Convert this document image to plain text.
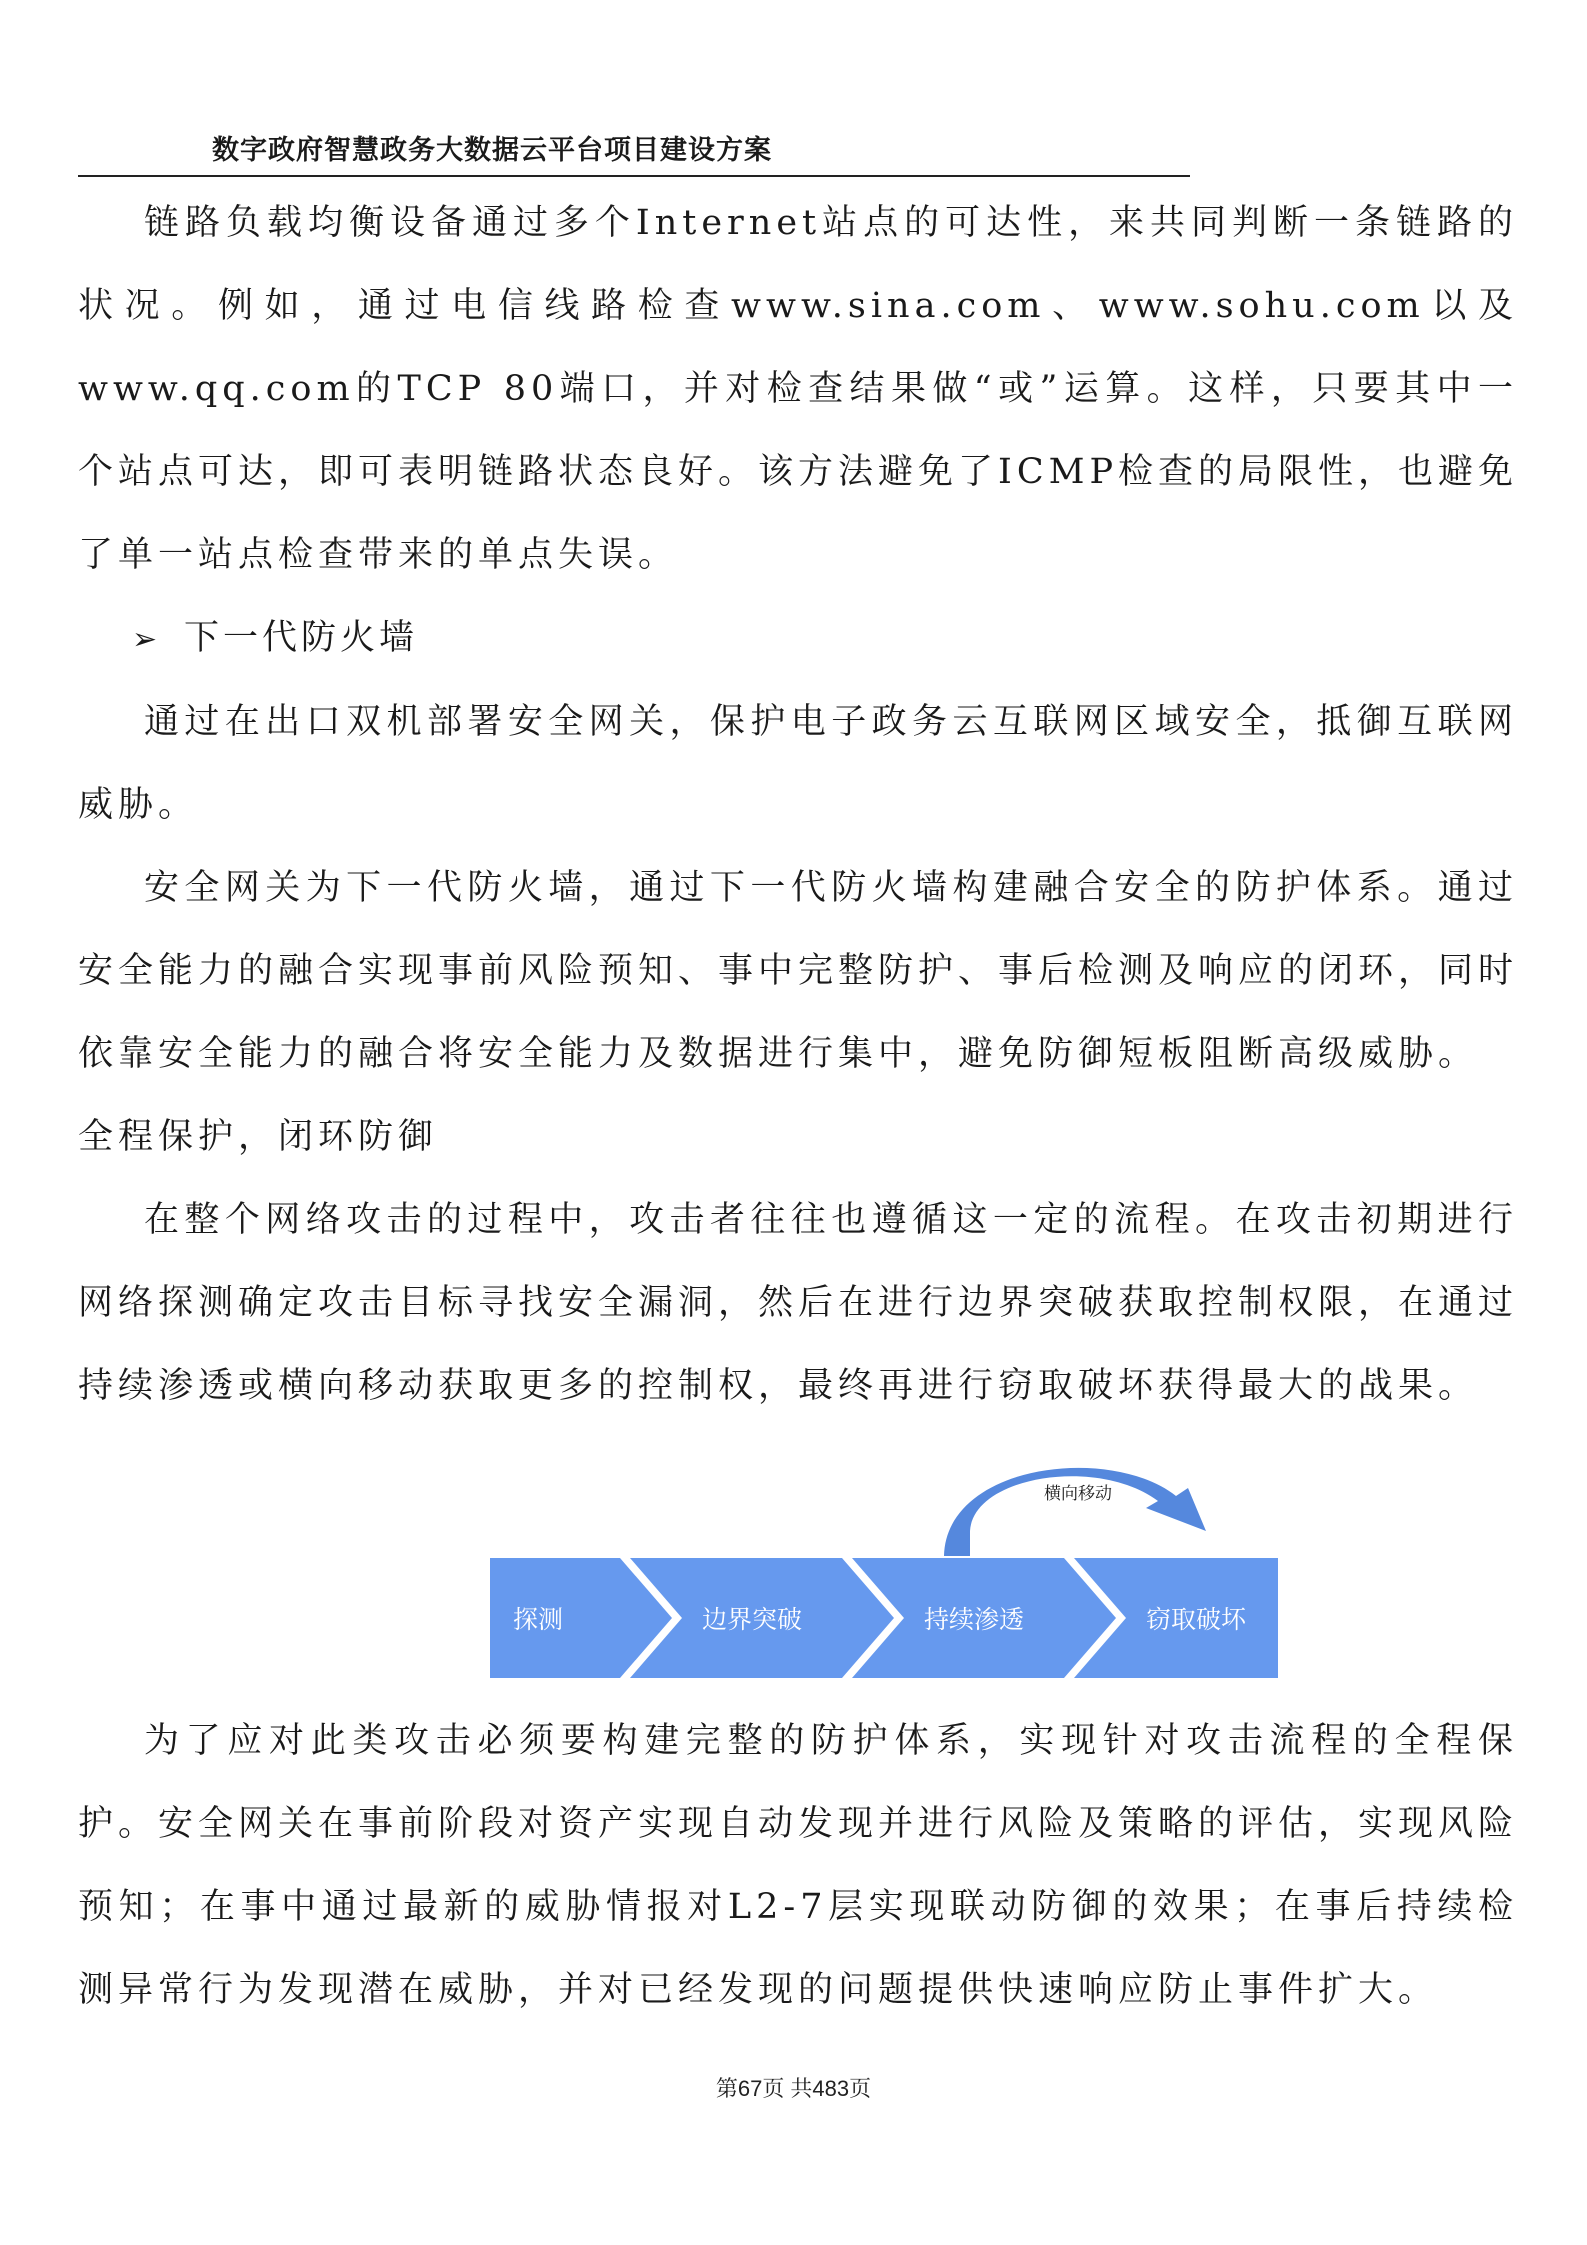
数字政府智慧政务大数据云平台项目建设方案

链路负载均衡设备通过多个Internet站点的可达性，来共同判断一条链路的状况。例如，通过电信线路检查www.sina.com、www.sohu.com以及www.qq.com的TCP 80端口，并对检查结果做“或”运算。这样，只要其中一个站点可达，即可表明链路状态良好。该方法避免了ICMP检查的局限性，也避免了单一站点检查带来的单点失误。

➢ 下一代防火墙

通过在出口双机部署安全网关，保护电子政务云互联网区域安全，抵御互联网威胁。

安全网关为下一代防火墙，通过下一代防火墙构建融合安全的防护体系。通过安全能力的融合实现事前风险预知、事中完整防护、事后检测及响应的闭环，同时依靠安全能力的融合将安全能力及数据进行集中，避免防御短板阻断高级威胁。

全程保护，闭环防御

在整个网络攻击的过程中，攻击者往往也遵循这一定的流程。在攻击初期进行网络探测确定攻击目标寻找安全漏洞，然后在进行边界突破获取控制权限，在通过持续渗透或横向移动获取更多的控制权，最终再进行窃取破坏获得最大的战果。

横向移动
探测	边界突破	持续渗透	窃取破坏

为了应对此类攻击必须要构建完整的防护体系，实现针对攻击流程的全程保护。安全网关在事前阶段对资产实现自动发现并进行风险及策略的评估，实现风险预知；在事中通过最新的威胁情报对L2-7层实现联动防御的效果；在事后持续检测异常行为发现潜在威胁，并对已经发现的问题提供快速响应防止事件扩大。

第67页 共483页
